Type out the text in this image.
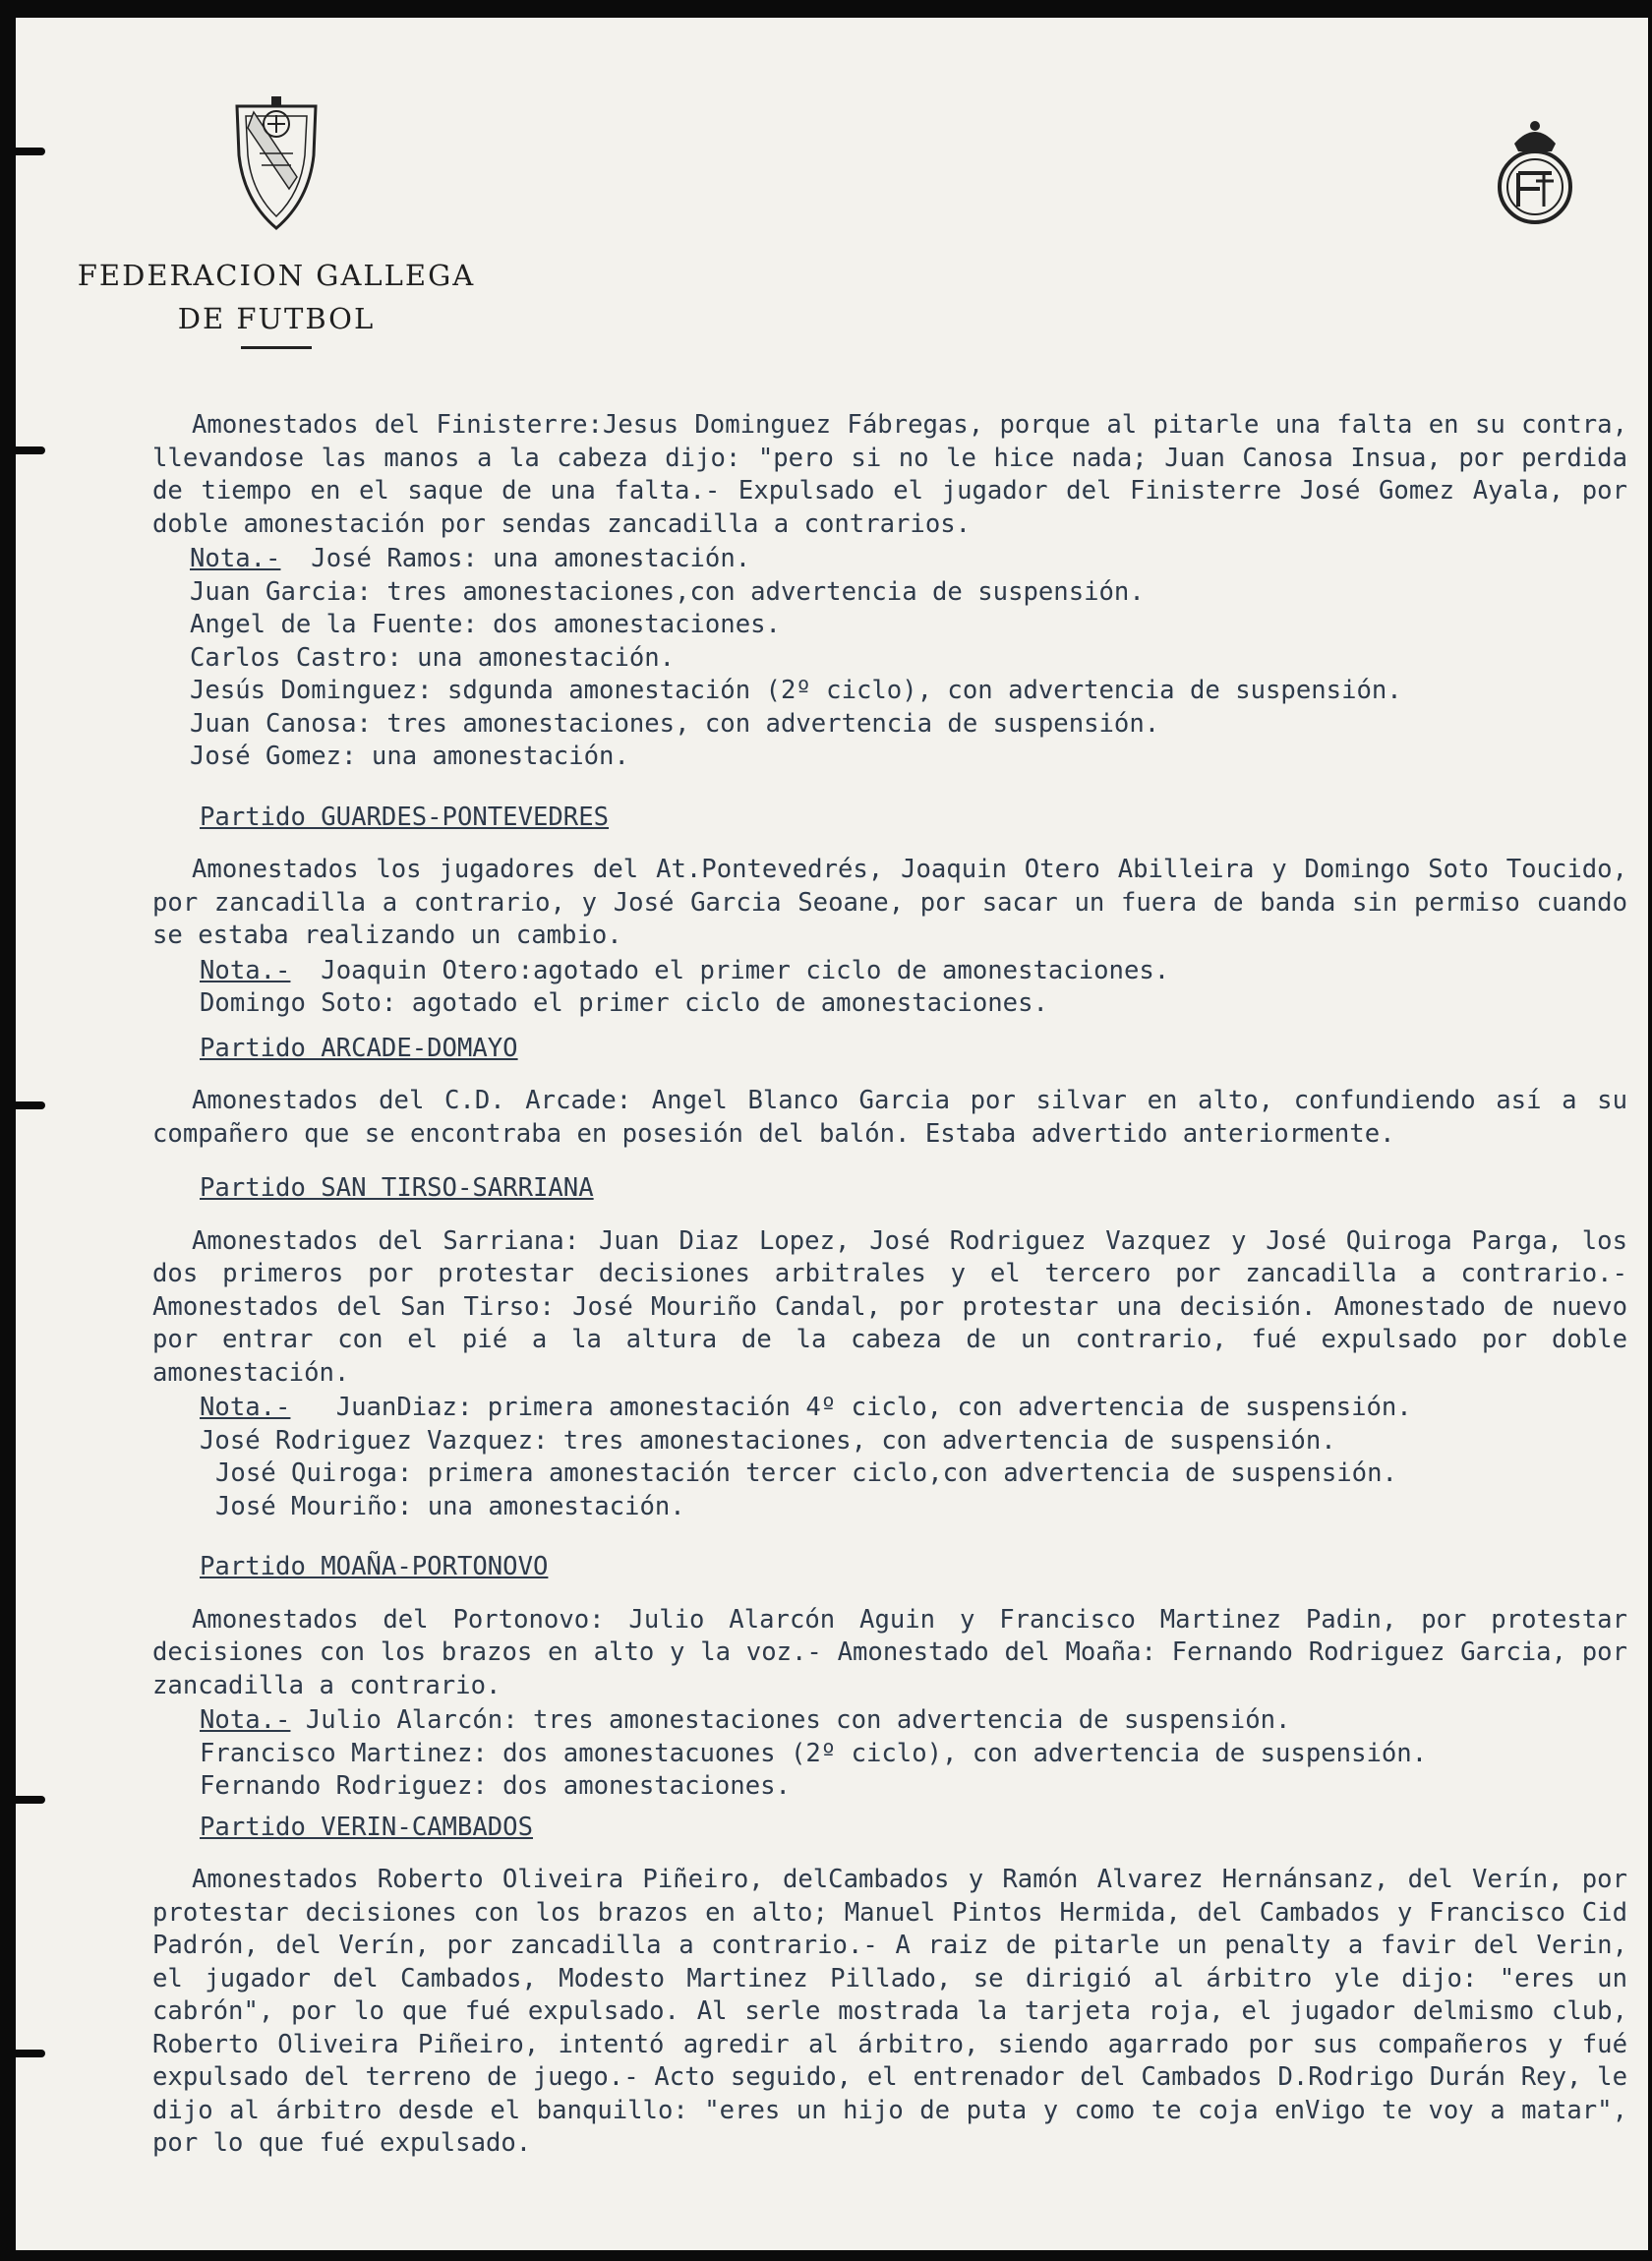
FEDERACION GALLEGA
DE FUTBOL

Amonestados del Finisterre:Jesus Dominguez Fábregas, porque al pitarle una falta en su contra, llevandose las manos a la cabeza dijo: "pero si no le hice nada; Juan Canosa Insua, por perdida de tiempo en el saque de una falta.- Expulsado el jugador del Finisterre José Gomez Ayala, por doble amonestación por sendas zancadilla a contrarios.

Nota.- José Ramos: una amonestación.

Juan Garcia: tres amonestaciones,con advertencia de suspensión.

Angel de la Fuente: dos amonestaciones.

Carlos Castro: una amonestación.

Jesús Dominguez: sdgunda amonestación (2º ciclo), con advertencia de suspensión.

Juan Canosa: tres amonestaciones, con advertencia de suspensión.

José Gomez: una amonestación.

Partido GUARDES-PONTEVEDRES

Amonestados los jugadores del At.Pontevedrés, Joaquin Otero Abilleira y Domingo Soto Toucido, por zancadilla a contrario, y José Garcia Seoane, por sacar un fuera de banda sin permiso cuando se estaba realizando un cambio.

Nota.- Joaquin Otero:agotado el primer ciclo de amonestaciones.

Domingo Soto: agotado el primer ciclo de amonestaciones.

Partido ARCADE-DOMAYO

Amonestados del C.D. Arcade: Angel Blanco Garcia por silvar en alto, confundiendo así a su compañero que se encontraba en posesión del balón. Estaba advertido anteriormente.

Partido SAN TIRSO-SARRIANA

Amonestados del Sarriana: Juan Diaz Lopez, José Rodriguez Vazquez y José Quiroga Parga, los dos primeros por protestar decisiones arbitrales y el tercero por zancadilla a contrario.- Amonestados del San Tirso: José Mouriño Candal, por protestar una decisión. Amonestado de nuevo por entrar con el pié a la altura de la cabeza de un contrario, fué expulsado por doble amonestación.

Nota.- JuanDiaz: primera amonestación 4º ciclo, con advertencia de suspensión.

José Rodriguez Vazquez: tres amonestaciones, con advertencia de suspensión.

José Quiroga: primera amonestación tercer ciclo,con advertencia de suspensión.

José Mouriño: una amonestación.

Partido MOAÑA-PORTONOVO

Amonestados del Portonovo: Julio Alarcón Aguin y Francisco Martinez Padin, por protestar decisiones con los brazos en alto y la voz.- Amonestado del Moaña: Fernando Rodriguez Garcia, por zancadilla a contrario.

Nota.- Julio Alarcón: tres amonestaciones con advertencia de suspensión.

Francisco Martinez: dos amonestacuones (2º ciclo), con advertencia de suspensión.

Fernando Rodriguez: dos amonestaciones.

Partido VERIN-CAMBADOS

Amonestados Roberto Oliveira Piñeiro, delCambados y Ramón Alvarez Hernánsanz, del Verín, por protestar decisiones con los brazos en alto; Manuel Pintos Hermida, del Cambados y Francisco Cid Padrón, del Verín, por zancadilla a contrario.- A raiz de pitarle un penalty a favir del Verin, el jugador del Cambados, Modesto Martinez Pillado, se dirigió al árbitro yle dijo: "eres un cabrón", por lo que fué expulsado. Al serle mostrada la tarjeta roja, el jugador delmismo club, Roberto Oliveira Piñeiro, intentó agredir al árbitro, siendo agarrado por sus compañeros y fué expulsado del terreno de juego.- Acto seguido, el entrenador del Cambados D.Rodrigo Durán Rey, le dijo al árbitro desde el banquillo: "eres un hijo de puta y como te coja enVigo te voy a matar", por lo que fué expulsado.
